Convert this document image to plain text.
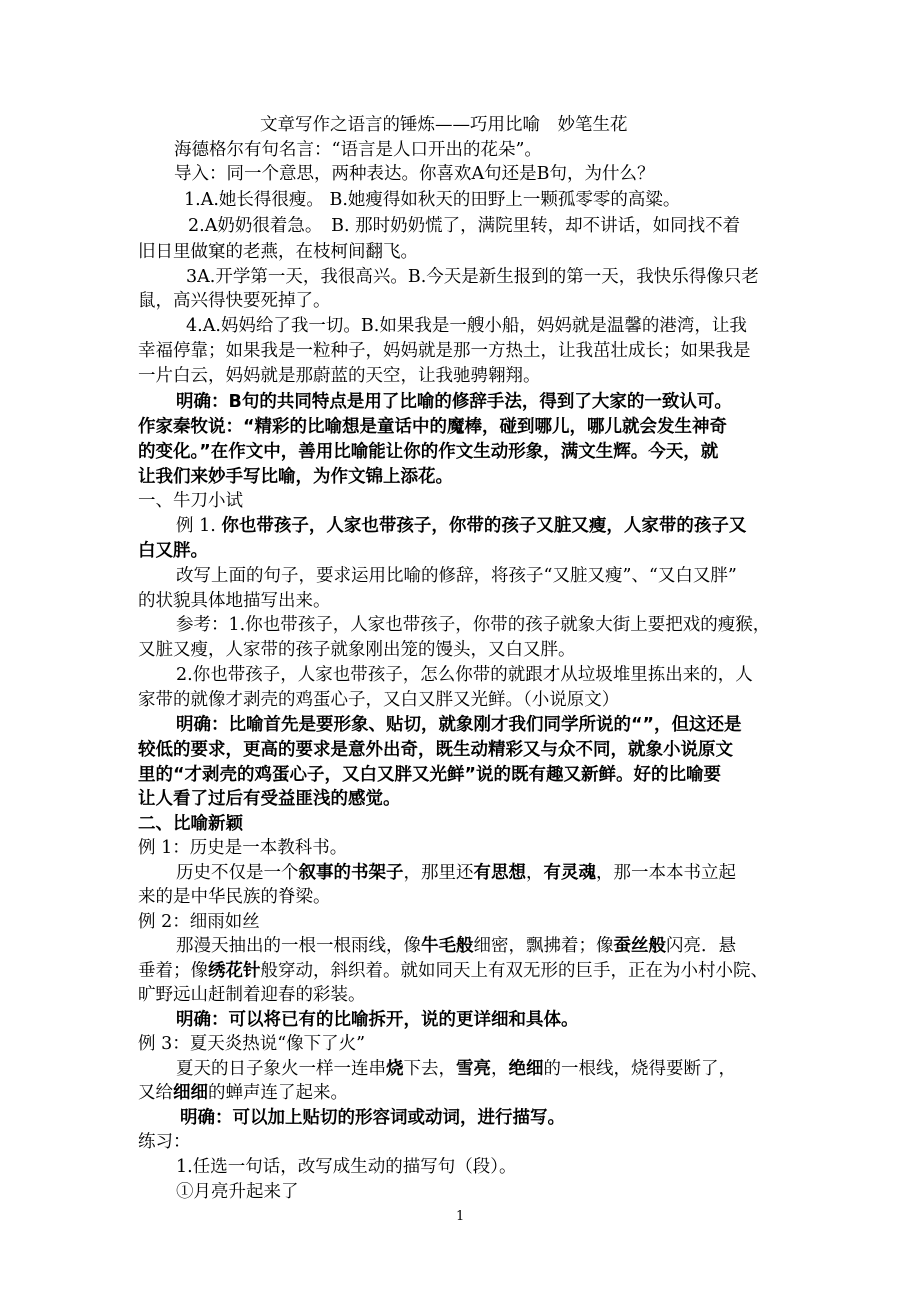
文章写作之语言的锤炼——巧用比喻　妙笔生花
海德格尔有句名言：“语言是人口开出的花朵”。
导入：同一个意思，两种表达。你喜欢A句还是B句，为什么？
1.A.她长得很瘦。 B.她瘦得如秋天的田野上一颗孤零零的高粱。
2.A奶奶很着急。　B. 那时奶奶慌了，满院里转，却不讲话，如同找不着
旧日里做窠的老燕，在枝柯间翻飞。
3A.开学第一天，我很高兴。B.今天是新生报到的第一天，我快乐得像只老
鼠，高兴得快要死掉了。
4.A.妈妈给了我一切。B.如果我是一艘小船，妈妈就是温馨的港湾，让我
幸福停靠；如果我是一粒种子，妈妈就是那一方热土，让我茁壮成长；如果我是
一片白云，妈妈就是那蔚蓝的天空，让我驰骋翱翔。
明确：B句的共同特点是用了比喻的修辞手法，得到了大家的一致认可。
作家秦牧说：“精彩的比喻想是童话中的魔棒，碰到哪儿，哪儿就会发生神奇
的变化。”在作文中，善用比喻能让你的作文生动形象，满文生辉。今天，就
让我们来妙手写比喻，为作文锦上添花。
一、牛刀小试
例 1. 你也带孩子，人家也带孩子，你带的孩子又脏又瘦，人家带的孩子又
白又胖。
改写上面的句子，要求运用比喻的修辞，将孩子“又脏又瘦”、“又白又胖”
的状貌具体地描写出来。
参考：1.你也带孩子，人家也带孩子，你带的孩子就象大街上要把戏的瘦猴，
又脏又瘦，人家带的孩子就象刚出笼的馒头，又白又胖。
2.你也带孩子，人家也带孩子，怎么你带的就跟才从垃圾堆里拣出来的，人
家带的就像才剥壳的鸡蛋心子，又白又胖又光鲜。（小说原文）
明确：比喻首先是要形象、贴切，就象刚才我们同学所说的“”，但这还是
较低的要求，更高的要求是意外出奇，既生动精彩又与众不同，就象小说原文
里的“才剥壳的鸡蛋心子，又白又胖又光鲜”说的既有趣又新鲜。好的比喻要
让人看了过后有受益匪浅的感觉。
二、比喻新颖
例 1：历史是一本教科书。
历史不仅是一个叙事的书架子，那里还有思想，有灵魂，那一本本书立起
来的是中华民族的脊梁。
例 2：细雨如丝
那漫天抽出的一根一根雨线，像牛毛般细密，飘拂着；像蚕丝般闪亮．悬
垂着；像绣花针般穿动，斜织着。就如同天上有双无形的巨手，正在为小村小院、
旷野远山赶制着迎春的彩装。
明确：可以将已有的比喻拆开，说的更详细和具体。
例 3：夏天炎热说“像下了火”
夏天的日子象火一样一连串烧下去，雪亮，绝细的一根线，烧得要断了，
又给细细的蝉声连了起来。
明确：可以加上贴切的形容词或动词，进行描写。
练习：
1.任选一句话，改写成生动的描写句（段）。
①月亮升起来了
1
